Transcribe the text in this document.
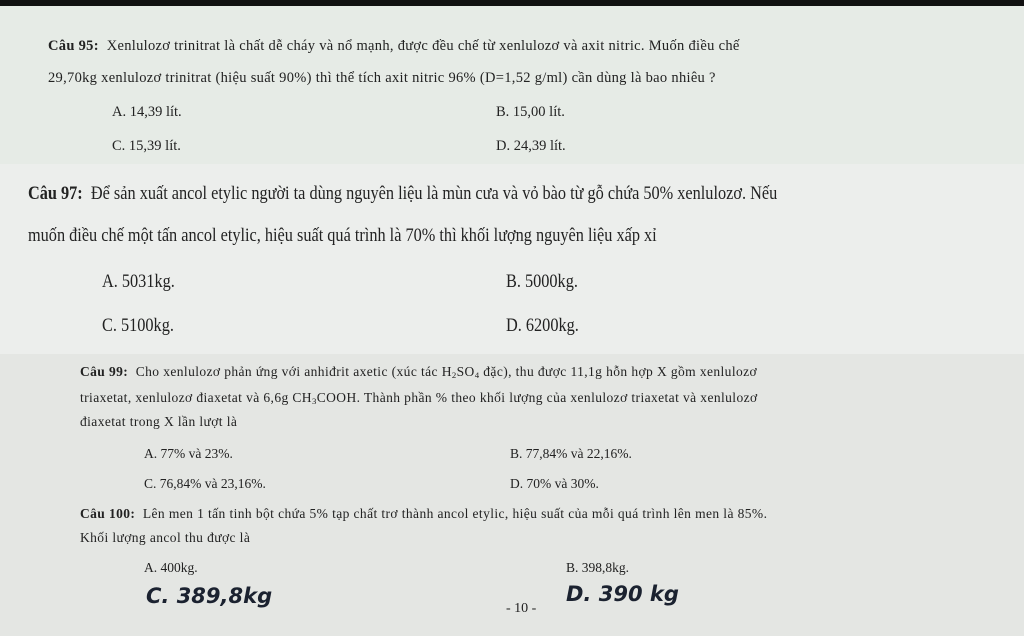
Câu 95: Xenlulozơ trinitrat là chất dễ cháy và nổ mạnh, được đều chế từ xenlulozơ và axit nitric. Muốn điều chế
29,70kg xenlulozơ trinitrat (hiệu suất 90%) thì thể tích axit nitric 96% (D=1,52 g/ml) cần dùng là bao nhiêu ?
A. 14,39 lít.	B. 15,00 lít.
C. 15,39 lít.	D. 24,39 lít.
Câu 97: Để sản xuất ancol etylic người ta dùng nguyên liệu là mùn cưa và vỏ bào từ gỗ chứa 50% xenlulozơ. Nếu
muốn điều chế một tấn ancol etylic, hiệu suất quá trình là 70% thì khối lượng nguyên liệu xấp xỉ
A. 5031kg.	B. 5000kg.
C. 5100kg.	D. 6200kg.
Câu 99: Cho xenlulozơ phản ứng với anhiđrit axetic (xúc tác $H_2SO_4$ đặc), thu được 11,1g hỗn hợp X gồm xenlulozơ
triaxetat, xenlulozơ điaxetat và 6,6g $CH_3COOH$. Thành phần % theo khối lượng của xenlulozơ triaxetat và xenlulozơ
điaxetat trong X lần lượt là
A. 77% và 23%.	B. 77,84% và 22,16%.
C. 76,84% và 23,16%.	D. 70% và 30%.
Câu 100: Lên men 1 tấn tinh bột chứa 5% tạp chất trơ thành ancol etylic, hiệu suất của mỗi quá trình lên men là 85%.
Khối lượng ancol thu được là
A. 400kg.	B. 398,8kg.
C. 389,8kg	D. 390 kg
- 10 -
